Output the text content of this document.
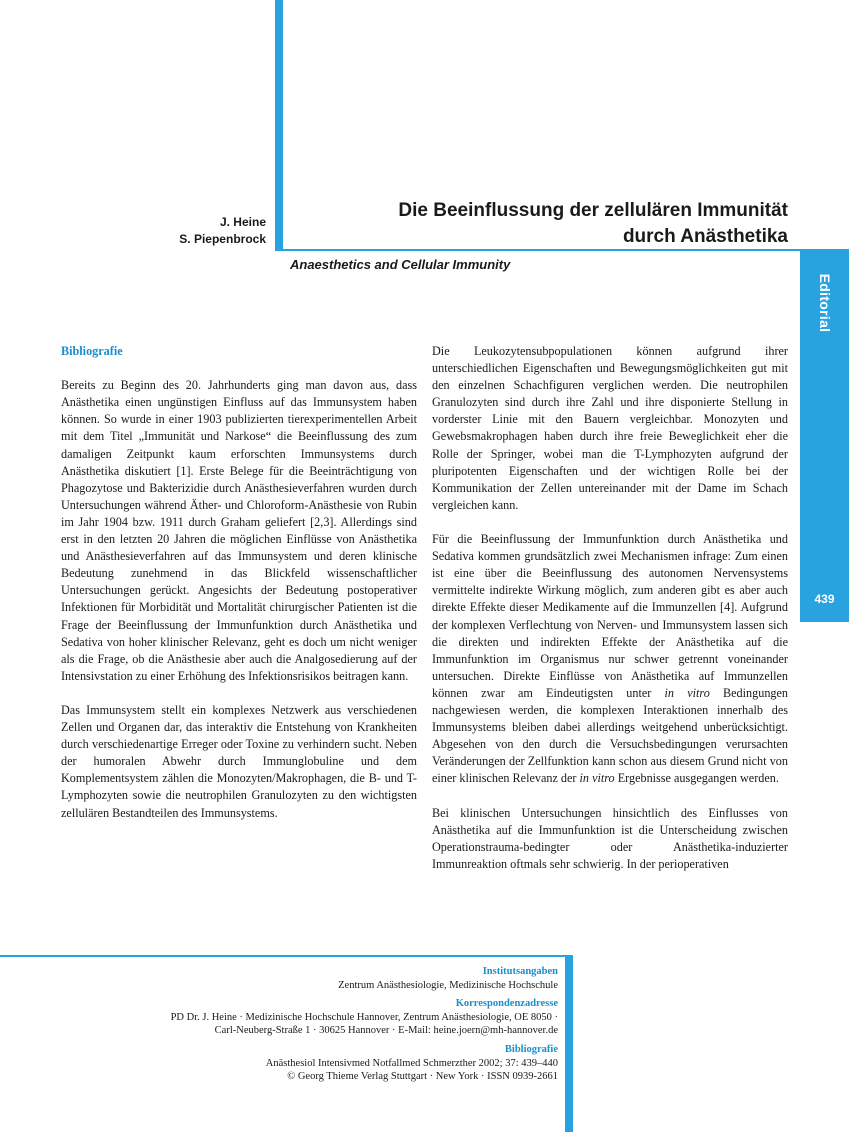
Editorial
439
J. Heine
S. Piepenbrock
Die Beeinflussung der zellulären Immunität
durch Anästhetika
Anaesthetics and Cellular Immunity
Bibliografie

Bereits zu Beginn des 20. Jahrhunderts ging man davon aus, dass Anästhetika einen ungünstigen Einfluss auf das Immunsystem haben können. So wurde in einer 1903 publizierten tierexperimentellen Arbeit mit dem Titel „Immunität und Narkose“ die Beeinflussung des zum damaligen Zeitpunkt kaum erforschten Immunsystems durch Anästhetika diskutiert [1]. Erste Belege für die Beeinträchtigung von Phagozytose und Bakterizidie durch Anästhesieverfahren wurden durch Untersuchungen während Äther- und Chloroform-Anästhesie von Rubin im Jahr 1904 bzw. 1911 durch Graham geliefert [2,3]. Allerdings sind erst in den letzten 20 Jahren die möglichen Einflüsse von Anästhetika und Anästhesieverfahren auf das Immunsystem und deren klinische Bedeutung zunehmend in das Blickfeld wissenschaftlicher Untersuchungen gerückt. Angesichts der Bedeutung postoperativer Infektionen für Morbidität und Mortalität chirurgischer Patienten ist die Frage der Beeinflussung der Immunfunktion durch Anästhetika und Sedativa von hoher klinischer Relevanz, geht es doch um nicht weniger als die Frage, ob die Anästhesie aber auch die Analgosedierung auf der Intensivstation zu einer Erhöhung des Infektionsrisikos beitragen kann.

Das Immunsystem stellt ein komplexes Netzwerk aus verschiedenen Zellen und Organen dar, das interaktiv die Entstehung von Krankheiten durch verschiedenartige Erreger oder Toxine zu verhindern sucht. Neben der humoralen Abwehr durch Immunglobuline und dem Komplementsystem zählen die Monozyten/Makrophagen, die B- und T-Lymphozyten sowie die neutrophilen Granulozyten zu den wichtigsten zellulären Bestandteilen des Immunsystems.

Die Leukozytensubpopulationen können aufgrund ihrer unterschiedlichen Eigenschaften und Bewegungsmöglichkeiten gut mit den einzelnen Schachfiguren verglichen werden. Die neutrophilen Granulozyten sind durch ihre Zahl und ihre disponierte Stellung in vorderster Linie mit den Bauern vergleichbar. Monozyten und Gewebsmakrophagen haben durch ihre freie Beweglichkeit eher die Rolle der Springer, wobei man die T-Lymphozyten aufgrund der pluripotenten Eigenschaften und der wichtigen Rolle bei der Kommunikation der Zellen untereinander mit der Dame im Schach vergleichen kann.

Für die Beeinflussung der Immunfunktion durch Anästhetika und Sedativa kommen grundsätzlich zwei Mechanismen infrage: Zum einen ist eine über die Beeinflussung des autonomen Nervensystems vermittelte indirekte Wirkung möglich, zum anderen gibt es aber auch direkte Effekte dieser Medikamente auf die Immunzellen [4]. Aufgrund der komplexen Verflechtung von Nerven- und Immunsystem lassen sich die direkten und indirekten Effekte der Anästhetika auf die Immunfunktion im Organismus nur schwer getrennt voneinander untersuchen. Direkte Einflüsse von Anästhetika auf Immunzellen können zwar am Eindeutigsten unter in vitro Bedingungen nachgewiesen werden, die komplexen Interaktionen innerhalb des Immunsystems bleiben dabei allerdings weitgehend unberücksichtigt. Abgesehen von den durch die Versuchsbedingungen verursachten Veränderungen der Zellfunktion kann schon aus diesem Grund nicht von einer klinischen Relevanz der in vitro Ergebnisse ausgegangen werden.

Bei klinischen Untersuchungen hinsichtlich des Einflusses von Anästhetika auf die Immunfunktion ist die Unterscheidung zwischen Operationstrauma-bedingter oder Anästhetika-induzierter Immunreaktion oftmals sehr schwierig. In der perioperativen

Institutsangaben
Zentrum Anästhesiologie, Medizinische Hochschule
Korrespondenzadresse
PD Dr. J. Heine · Medizinische Hochschule Hannover, Zentrum Anästhesiologie, OE 8050 ·
Carl-Neuberg-Straße 1 · 30625 Hannover · E-Mail: heine.joern@mh-hannover.de
Bibliografie
Anästhesiol Intensivmed Notfallmed Schmerzther 2002; 37: 439–440
© Georg Thieme Verlag Stuttgart · New York · ISSN 0939-2661
